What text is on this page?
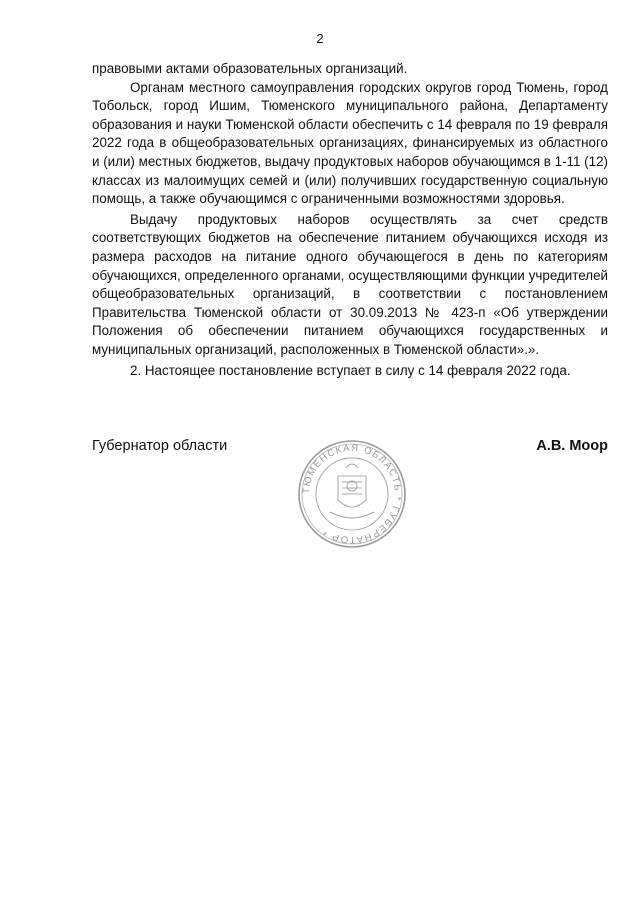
2

правовыми актами образовательных организаций.

Органам местного самоуправления городских округов город Тюмень, город Тобольск, город Ишим, Тюменского муниципального района, Департаменту образования и науки Тюменской области обеспечить с 14 февраля по 19 февраля 2022 года в общеобразовательных организациях, финансируемых из областного и (или) местных бюджетов, выдачу продуктовых наборов обучающимся в 1-11 (12) классах из малоимущих семей и (или) получивших государственную социальную помощь, а также обучающимся с ограниченными возможностями здоровья.

Выдачу продуктовых наборов осуществлять за счет средств соответствующих бюджетов на обеспечение питанием обучающихся исходя из размера расходов на питание одного обучающегося в день по категориям обучающихся, определенного органами, осуществляющими функции учредителей общеобразовательных организаций, в соответствии с постановлением Правительства Тюменской области от 30.09.2013 № 423-п «Об утверждении Положения об обеспечении питанием обучающихся государственных и муниципальных организаций, расположенных в Тюменской области».».

2. Настоящее постановление вступает в силу с 14 февраля 2022 года.

Губернатор области	А.В. Моор
ТЮМЕНСКАЯ ОБЛАСТЬ * ГУБЕРНАТОР *
